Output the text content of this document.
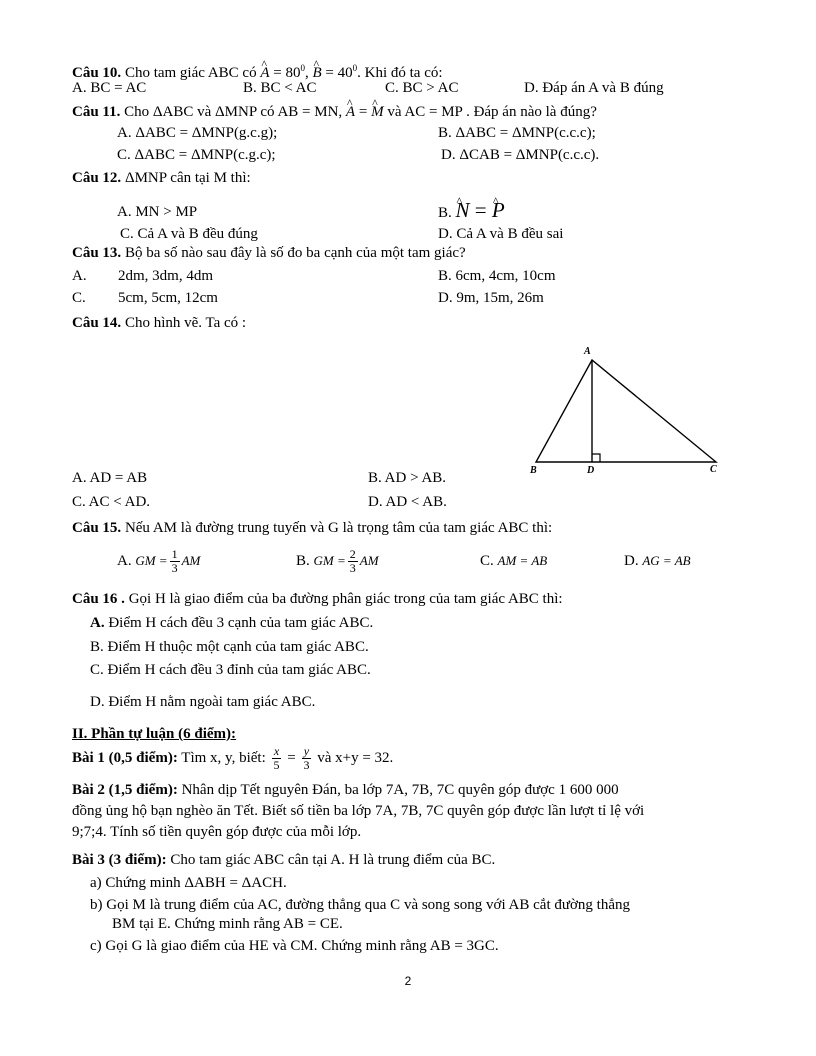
Câu 10. Cho tam giác ABC có ^ $A = 80^0$, ^ $B = 40^0$. Khi đó ta có:
A. BC = AC	B. BC < AC	C. BC > AC	D. Đáp án A và B đúng
Câu 11. Cho ΔABC và ΔMNP có AB = MN, ^ A = ^ M và AC = MP . Đáp án nào là đúng?
A. ΔABC = ΔMNP(g.c.g);	B. ΔABC = ΔMNP(c.c.c);
C. ΔABC = ΔMNP(c.g.c);	D. ΔCAB = ΔMNP(c.c.c).
Câu 12. ΔMNP cân tại M thì:
A. MN > MP	B. ^ N = ^ P
C. Cả A và B đều đúng	D. Cả A và B đều sai
Câu 13. Bộ ba số nào sau đây là số đo ba cạnh của một tam giác?
A. 2dm, 3dm, 4dm	B. 6cm, 4cm, 10cm
C. 5cm, 5cm, 12cm	D. 9m, 15m, 26m
Câu 14. Cho hình vẽ. Ta có :
A
B	D	C
A. AD = AB	B. AD > AB.
C. AC < AD.	D. AD < AB.
Câu 15. Nếu AM là đường trung tuyến và G là trọng tâm của tam giác ABC thì:
A. GM = $\frac{1}{3}$ AM	B. GM = $\frac{2}{3}$ AM	C. AM = AB	D. AG = AB
Câu 16 . Gọi H là giao điểm của ba đường phân giác trong của tam giác ABC thì:
A. Điểm H cách đều 3 cạnh của tam giác ABC.
B. Điểm H thuộc một cạnh của tam giác ABC.
C. Điểm H cách đều 3 đỉnh của tam giác ABC.
D. Điểm H nằm ngoài tam giác ABC.
II. Phần tự luận (6 điểm):
Bài 1 (0,5 điểm): Tìm x, y, biết: $\frac{x}{5} = \frac{y}{3}$ và x+y = 32.
Bài 2 (1,5 điểm): Nhân dịp Tết nguyên Đán, ba lớp 7A, 7B, 7C quyên góp được 1 600 000
đồng ủng hộ bạn nghèo ăn Tết. Biết số tiền ba lớp 7A, 7B, 7C quyên góp được lần lượt tỉ lệ với
9;7;4. Tính số tiền quyên góp được của mỗi lớp.
Bài 3 (3 điểm): Cho tam giác ABC cân tại A. H là trung điểm của BC.
a) Chứng minh ΔABH = ΔACH.
b) Gọi M là trung điểm của AC, đường thẳng qua C và song song với AB cắt đường thẳng
BM tại E. Chứng minh rằng AB = CE.
c) Gọi G là giao điểm của HE và CM. Chứng minh rằng AB = 3GC.
2
